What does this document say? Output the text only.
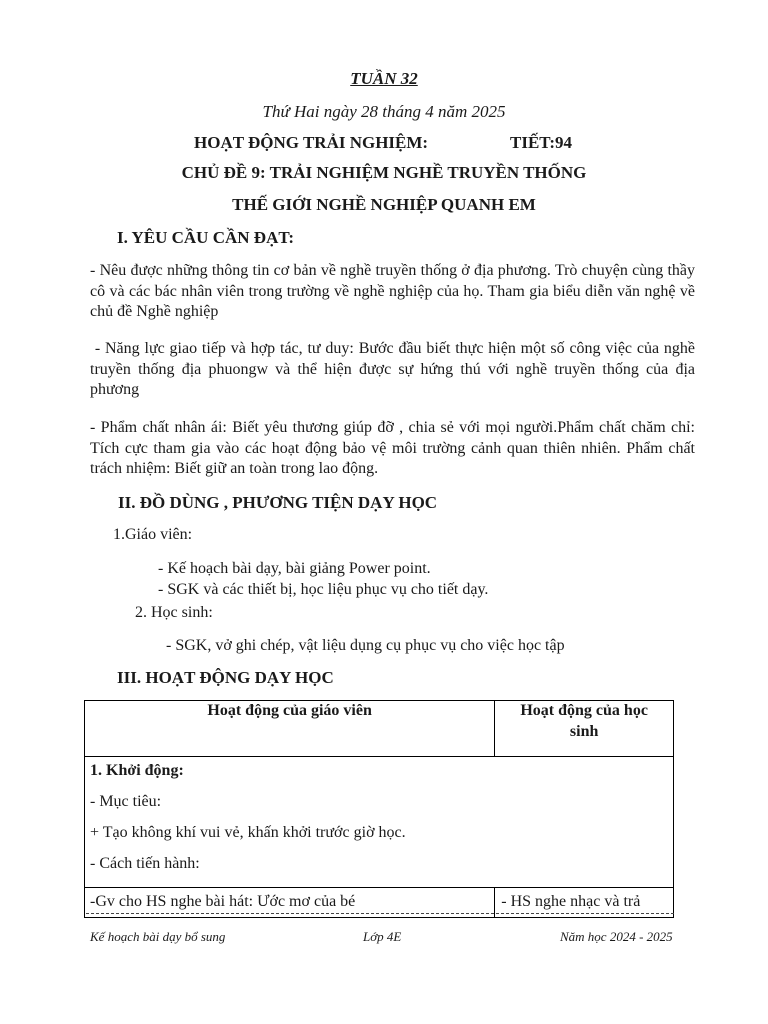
TUẦN 32
Thứ Hai ngày 28 tháng 4 năm 2025
HOẠT ĐỘNG TRẢI NGHIỆM:	TIẾT:94
CHỦ ĐỀ 9: TRẢI NGHIỆM NGHỀ TRUYỀN THỐNG
THẾ GIỚI NGHỀ NGHIỆP QUANH EM
I. YÊU CẦU CẦN ĐẠT:
- Nêu được những thông tin cơ bản về nghề truyền thống ở địa phương. Trò chuyện cùng thầy cô và các bác nhân viên trong trường về nghề nghiệp của họ. Tham gia biểu diễn văn nghệ về chủ đề Nghề nghiệp
- Năng lực giao tiếp và hợp tác, tư duy: Bước đầu biết thực hiện một số công việc của nghề truyền thống địa phuongw và thể hiện được sự hứng thú với nghề truyền thống của địa phương
- Phẩm chất nhân ái: Biết yêu thương giúp đỡ , chia sẻ với mọi người.Phẩm chất chăm chỉ: Tích cực tham gia vào các hoạt động bảo vệ môi trường cảnh quan thiên nhiên. Phẩm chất trách nhiệm: Biết giữ an toàn trong lao động.
II. ĐỒ DÙNG , PHƯƠNG TIỆN DẠY HỌC
1.Giáo viên:
- Kế hoạch bài dạy, bài giảng Power point.
- SGK và các thiết bị, học liệu phục vụ cho tiết dạy.
2. Học sinh:
- SGK, vở ghi chép, vật liệu dụng cụ phục vụ cho việc học tập
III. HOẠT ĐỘNG DẠY HỌC
Hoạt động của giáo viên	Hoạt động của học
sinh

1. Khởi động:
- Mục tiêu:
+ Tạo không khí vui vẻ, khấn khởi trước giờ học.
- Cách tiến hành:	

-Gv cho HS nghe bài hát: Ước mơ của bé	- HS nghe nhạc và trả
Kế hoạch bài dạy bổ sung	Lớp 4E	Năm học 2024 - 2025
